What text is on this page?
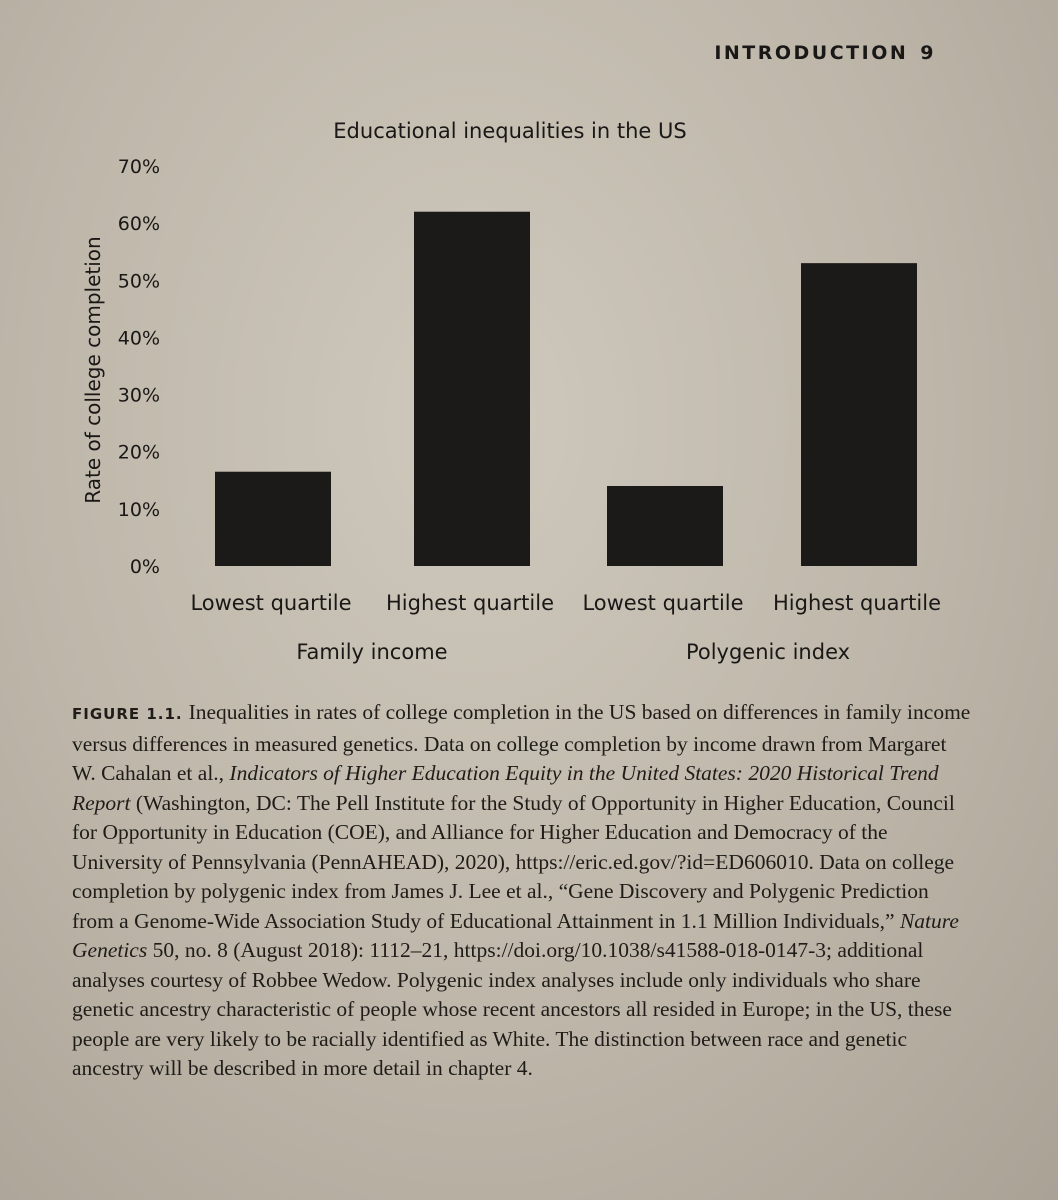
INTRODUCTION 9
Educational inequalities in the US
Rate of college completion
0%
10%
20%
30%
40%
50%
60%
70%
Lowest quartile Highest quartile Lowest quartile Highest quartile
Family income	Polygenic index
FIGURE 1.1. Inequalities in rates of college completion in the US based on differences in family income versus differences in measured genetics. Data on college completion by income drawn from Margaret W. Cahalan et al., Indicators of Higher Education Equity in the United States: 2020 Historical Trend Report (Washington, DC: The Pell Institute for the Study of Opportunity in Higher Education, Council for Opportunity in Education (COE), and Alliance for Higher Education and Democracy of the University of Pennsylvania (PennAHEAD), 2020), https://eric.ed.gov/?id=ED606010. Data on college completion by polygenic index from James J. Lee et al., “Gene Discovery and Polygenic Prediction from a Genome-Wide Association Study of Educational Attainment in 1.1 Million Individuals,” Nature Genetics 50, no. 8 (August 2018): 1112–21, https://doi.org/10.1038/s41588-018-0147-3; additional analyses courtesy of Robbee Wedow. Polygenic index analyses include only individuals who share genetic ancestry characteristic of people whose recent ancestors all resided in Europe; in the US, these people are very likely to be racially identified as White. The distinction between race and genetic ancestry will be described in more detail in chapter 4.
